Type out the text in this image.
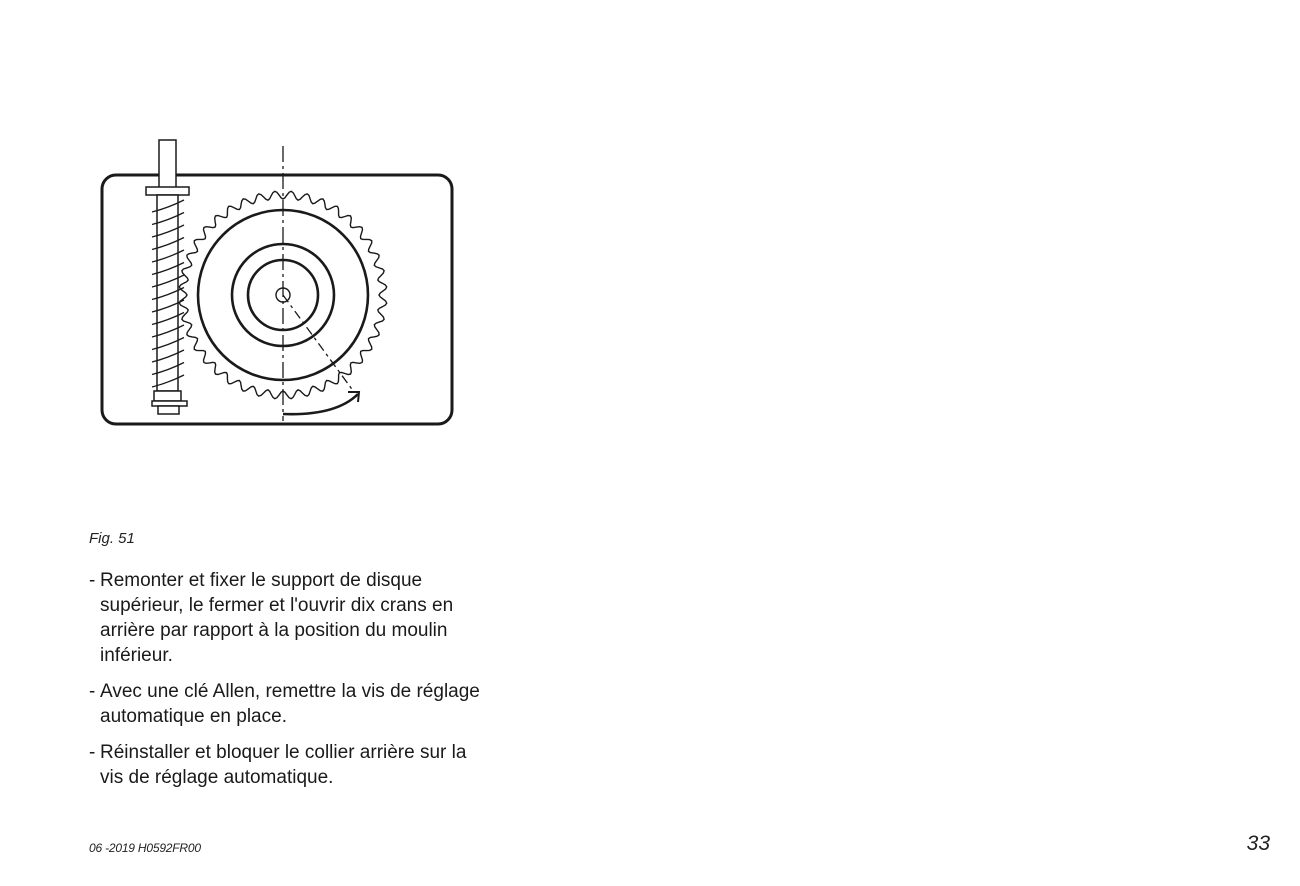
Fig. 51
- Remonter et fixer le support de disque supérieur, le fermer et l'ouvrir dix crans en arrière par rapport à la position du moulin inférieur.
- Avec une clé Allen, remettre la vis de réglage automatique en place.
- Réinstaller et bloquer le collier arrière sur la vis de réglage automatique.
06 -2019 H0592FR00	33
